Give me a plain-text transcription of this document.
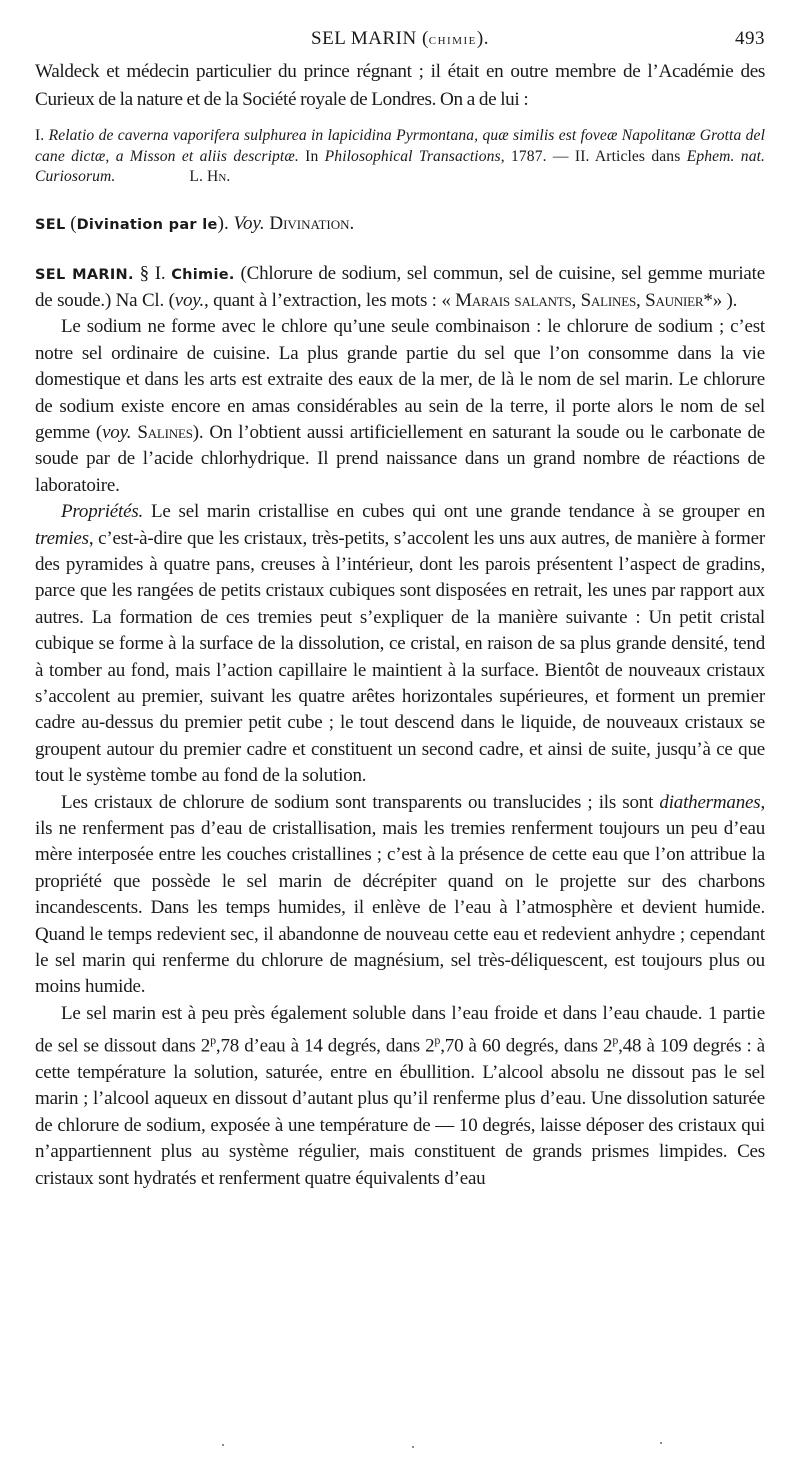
SEL MARIN (chimie).	493

Waldeck et médecin particulier du prince régnant ; il était en outre membre de l’Académie des Curieux de la nature et de la Société royale de Londres. On a de lui :

I. Relatio de caverna vaporifera sulphurea in lapicidina Pyrmontana, quæ similis est foveæ Napolitanæ Grotta del cane dictæ, a Misson et aliis descriptæ. In Philosophical Transactions, 1787. — II. Articles dans Ephem. nat. Curiosorum.	L. Hn.

SEL (Divination par le). Voy. Divination.

SEL MARIN. § I. Chimie. (Chlorure de sodium, sel commun, sel de cuisine, sel gemme muriate de soude.) Na Cl. (voy., quant à l’extraction, les mots : « Marais salants, Salines, Saunier*» ).

Le sodium ne forme avec le chlore qu’une seule combinaison : le chlorure de sodium ; c’est notre sel ordinaire de cuisine. La plus grande partie du sel que l’on consomme dans la vie domestique et dans les arts est extraite des eaux de la mer, de là le nom de sel marin. Le chlorure de sodium existe encore en amas considérables au sein de la terre, il porte alors le nom de sel gemme (voy. Salines). On l’obtient aussi artificiellement en saturant la soude ou le carbonate de soude par de l’acide chlorhydrique. Il prend naissance dans un grand nombre de réactions de laboratoire.

Propriétés. Le sel marin cristallise en cubes qui ont une grande tendance à se grouper en tremies, c’est-à-dire que les cristaux, très-petits, s’accolent les uns aux autres, de manière à former des pyramides à quatre pans, creuses à l’intérieur, dont les parois présentent l’aspect de gradins, parce que les rangées de petits cristaux cubiques sont disposées en retrait, les unes par rapport aux autres. La formation de ces tremies peut s’expliquer de la manière suivante : Un petit cristal cubique se forme à la surface de la dissolution, ce cristal, en raison de sa plus grande densité, tend à tomber au fond, mais l’action capillaire le maintient à la surface. Bientôt de nouveaux cristaux s’accolent au premier, suivant les quatre arêtes horizontales supérieures, et forment un premier cadre au-dessus du premier petit cube ; le tout descend dans le liquide, de nouveaux cristaux se groupent autour du premier cadre et constituent un second cadre, et ainsi de suite, jusqu’à ce que tout le système tombe au fond de la solution.

Les cristaux de chlorure de sodium sont transparents ou translucides ; ils sont diathermanes, ils ne renferment pas d’eau de cristallisation, mais les tremies renferment toujours un peu d’eau mère interposée entre les couches cristallines ; c’est à la présence de cette eau que l’on attribue la propriété que possède le sel marin de décrépiter quand on le projette sur des charbons incandescents. Dans les temps humides, il enlève de l’eau à l’atmosphère et devient humide. Quand le temps redevient sec, il abandonne de nouveau cette eau et redevient anhydre ; cependant le sel marin qui renferme du chlorure de magnésium, sel très-déliquescent, est toujours plus ou moins humide.

Le sel marin est à peu près également soluble dans l’eau froide et dans l’eau chaude. 1 partie de sel se dissout dans 2$^p$,78 d’eau à 14 degrés, dans 2$^p$,70 à 60 degrés, dans 2$^p$,48 à 109 degrés : à cette température la solution, saturée, entre en ébullition. L’alcool absolu ne dissout pas le sel marin ; l’alcool aqueux en dissout d’autant plus qu’il renferme plus d’eau. Une dissolution saturée de chlorure de sodium, exposée à une température de — 10 degrés, laisse déposer des cristaux qui n’appartiennent plus au système régulier, mais constituent de grands prismes limpides. Ces cristaux sont hydratés et renferment quatre équivalents d’eau
